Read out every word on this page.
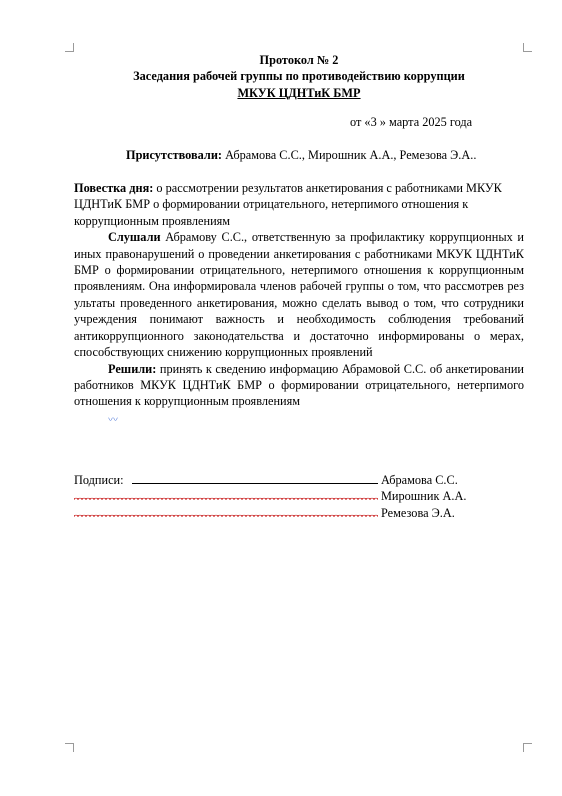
Протокол № 2
Заседания рабочей группы по противодействию коррупции
МКУК ЦДНТиК БМР
от «3 » марта 2025 года
Присутствовали: Абрамова С.С., Мирошник А.А., Ремезова Э.А..
Повестка дня: о рассмотрении результатов анкетирования с работниками МКУК ЦДНТиК БМР о формировании отрицательного, нетерпимого отношения к коррупционным проявлениям
Слушали Абрамову С.С., ответственную за профилактику коррупционных и иных правонарушений о проведении анкетирования с работниками МКУК ЦДНТиК БМР о формировании отрицательного, нетерпимого отношения к коррупционным проявлениям. Она информировала членов рабочей группы о том, что рассмотрев рез ультаты проведенного анкетирования, можно сделать вывод о том, что сотрудники учреждения понимают важность и необходимость соблюдения требований антикоррупционного законодательства и достаточно информированы о мерах, способствующих снижению коррупционных проявлений
Решили: принять к сведению информацию Абрамовой С.С. об анкетировании работников МКУК ЦДНТиК БМР о формировании отрицательного, нетерпимого отношения к коррупционным проявлениям
〰
Подписи:	Абрамова С.С.
Мирошник А.А.
Ремезова Э.А.
